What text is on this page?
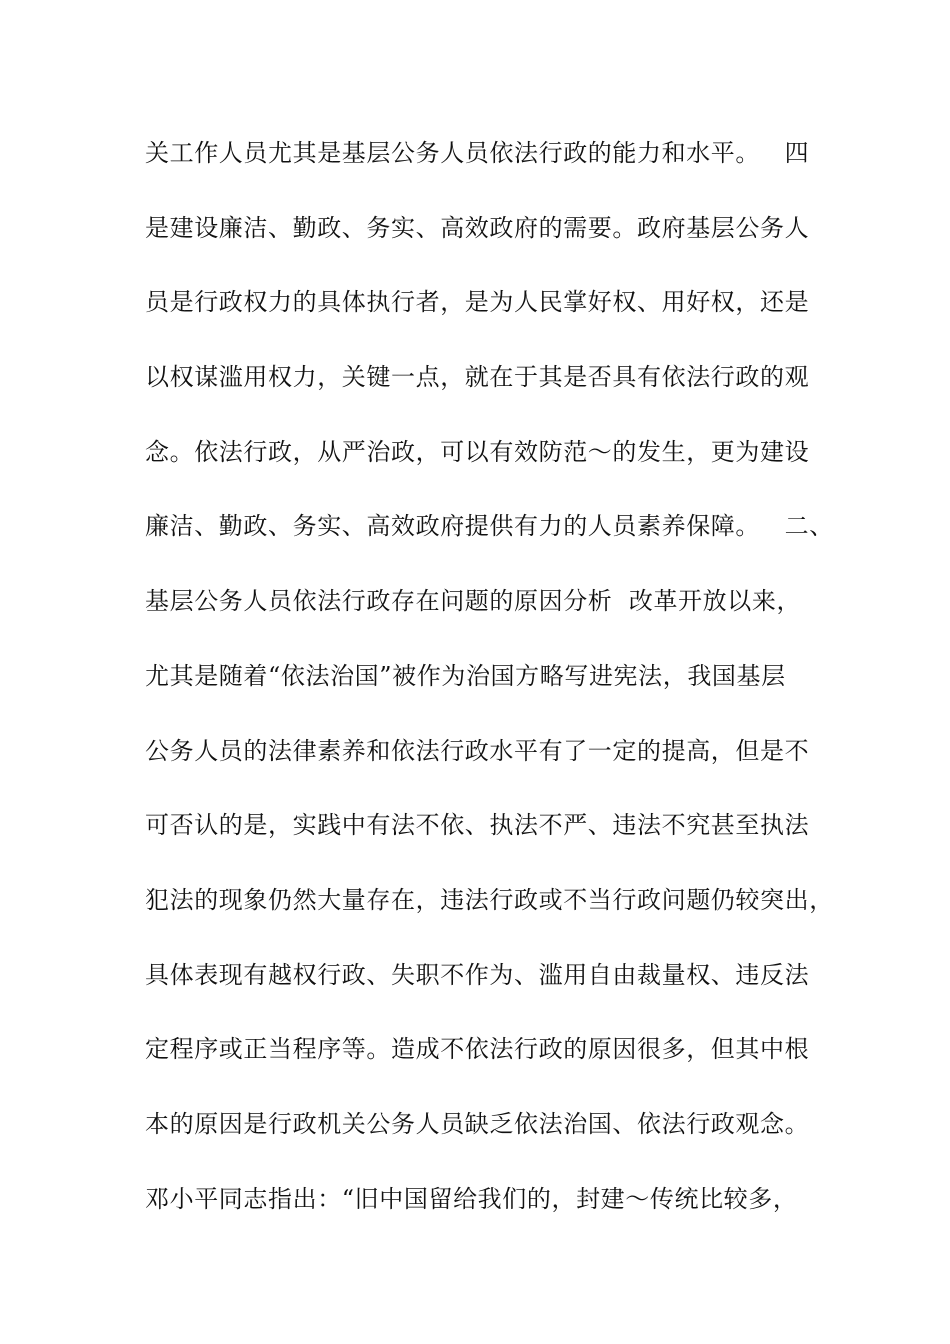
关工作人员尤其是基层公务人员依法行政的能力和水平。   四
是建设廉洁、勤政、务实、高效政府的需要。政府基层公务人
员是行政权力的具体执行者，是为人民掌好权、用好权，还是
以权谋滥用权力，关键一点，就在于其是否具有依法行政的观
念。依法行政，从严治政，可以有效防范～的发生，更为建设
廉洁、勤政、务实、高效政府提供有力的人员素养保障。   二、
基层公务人员依法行政存在问题的原因分析  改革开放以来，
尤其是随着“依法治国”被作为治国方略写进宪法，我国基层
公务人员的法律素养和依法行政水平有了一定的提高，但是不
可否认的是，实践中有法不依、执法不严、违法不究甚至执法
犯法的现象仍然大量存在，违法行政或不当行政问题仍较突出，
具体表现有越权行政、失职不作为、滥用自由裁量权、违反法
定程序或正当程序等。造成不依法行政的原因很多，但其中根
本的原因是行政机关公务人员缺乏依法治国、依法行政观念。
邓小平同志指出：“旧中国留给我们的，封建～传统比较多，
